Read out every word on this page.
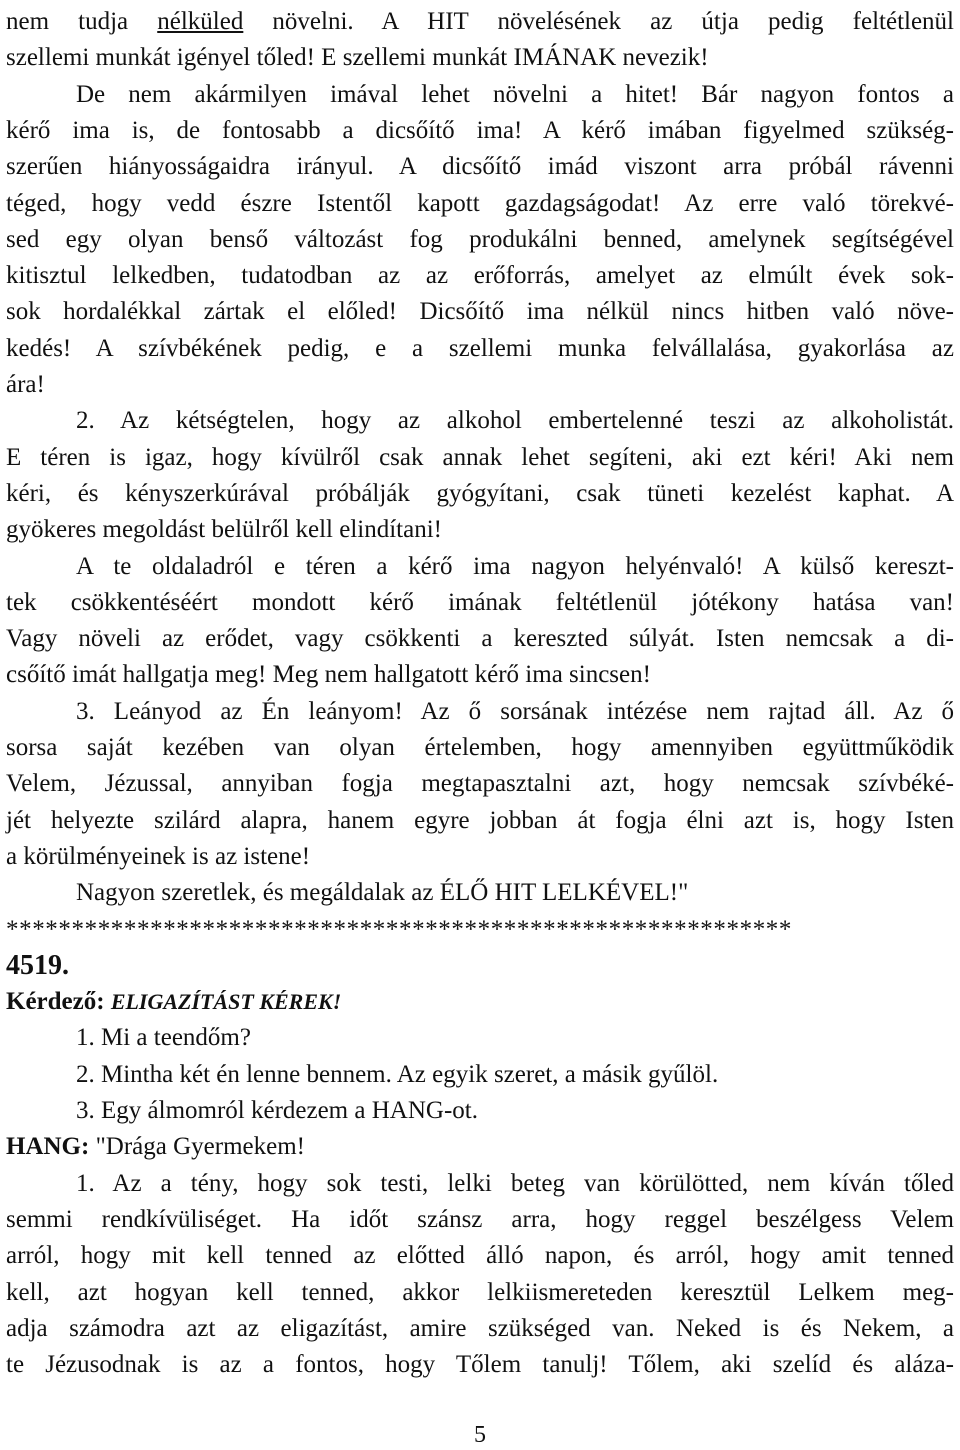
nem tudja nélküled növelni. A HIT növelésének az útja pedig feltétlenül

szellemi munkát igényel tőled! E szellemi munkát IMÁNAK nevezik!

De nem akármilyen imával lehet növelni a hitet! Bár nagyon fontos a

kérő ima is, de fontosabb a dicsőítő ima! A kérő imában figyelmed szükség-

szerűen hiányosságaidra irányul. A dicsőítő imád viszont arra próbál rávenni

téged, hogy vedd észre Istentől kapott gazdagságodat! Az erre való törekvé-

sed egy olyan benső változást fog produkálni benned, amelynek segítségével

kitisztul lelkedben, tudatodban az az erőforrás, amelyet az elmúlt évek sok-

sok hordalékkal zártak el előled! Dicsőítő ima nélkül nincs hitben való növe-

kedés! A szívbékének pedig, e a szellemi munka felvállalása, gyakorlása az

ára!

2. Az kétségtelen, hogy az alkohol embertelenné teszi az alkoholistát.

E téren is igaz, hogy kívülről csak annak lehet segíteni, aki ezt kéri! Aki nem

kéri, és kényszerkúrával próbálják gyógyítani, csak tüneti kezelést kaphat. A

gyökeres megoldást belülről kell elindítani!

A te oldaladról e téren a kérő ima nagyon helyénvaló! A külső kereszt-

tek csökkentéséért mondott kérő imának feltétlenül jótékony hatása van!

Vagy növeli az erődet, vagy csökkenti a kereszted súlyát. Isten nemcsak a di-

csőítő imát hallgatja meg! Meg nem hallgatott kérő ima sincsen!

3. Leányod az Én leányom! Az ő sorsának intézése nem rajtad áll. Az ő

sorsa saját kezében van olyan értelemben, hogy amennyiben együttműködik

Velem, Jézussal, annyiban fogja megtapasztalni azt, hogy nemcsak szívbéké-

jét helyezte szilárd alapra, hanem egyre jobban át fogja élni azt is, hogy Isten

a körülményeinek is az istene!

Nagyon szeretlek, és megáldalak az ÉLŐ HIT LELKÉVEL!"

************************************************************

4519.

Kérdező: ELIGAZÍTÁST KÉREK!

1. Mi a teendőm?

2. Mintha két én lenne bennem. Az egyik szeret, a másik gyűlöl.

3. Egy álmomról kérdezem a HANG-ot.

HANG: "Drága Gyermekem!

1. Az a tény, hogy sok testi, lelki beteg van körülötted, nem kíván tőled

semmi rendkívüliséget. Ha időt szánsz arra, hogy reggel beszélgess Velem

arról, hogy mit kell tenned az előtted álló napon, és arról, hogy amit tenned

kell, azt hogyan kell tenned, akkor lelkiismereteden keresztül Lelkem meg-

adja számodra azt az eligazítást, amire szükséged van. Neked is és Nekem, a

te Jézusodnak is az a fontos, hogy Tőlem tanulj! Tőlem, aki szelíd és aláza-

5
